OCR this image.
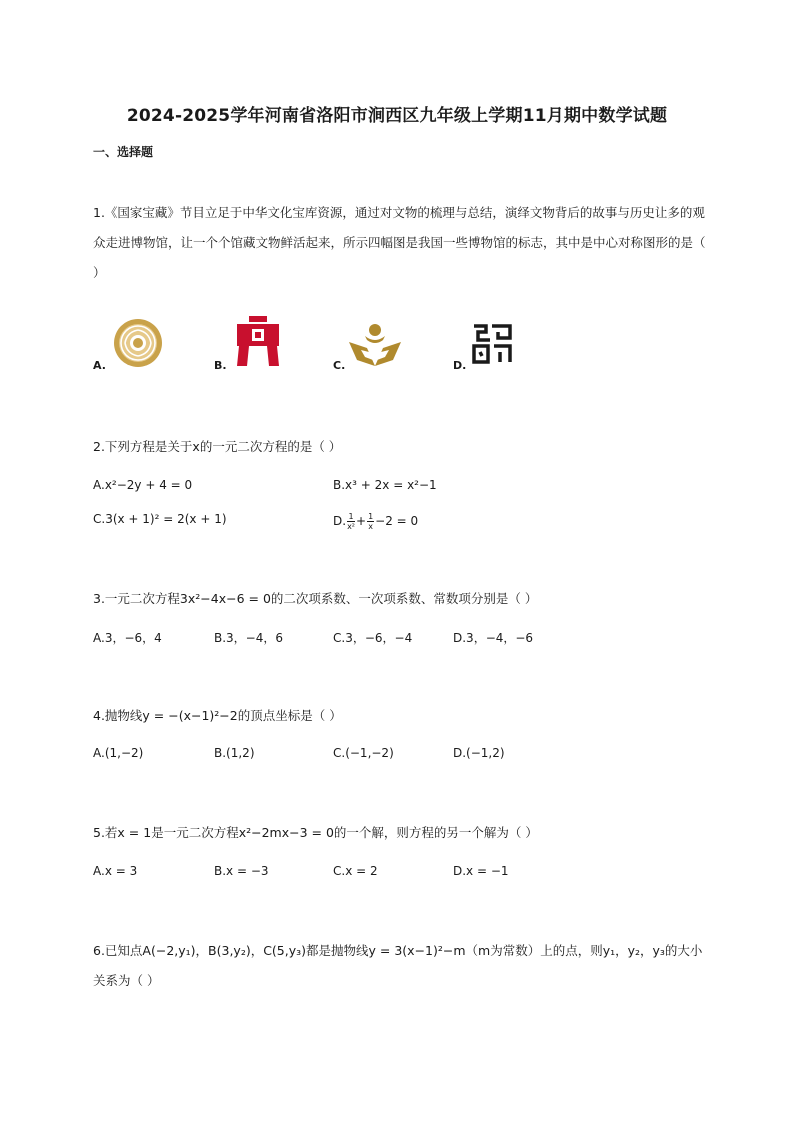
2024-2025学年河南省洛阳市涧西区九年级上学期11月期中数学试题
一、选择题
1.《国家宝藏》节目立足于中华文化宝库资源，通过对文物的梳理与总结，演绎文物背后的故事与历史让多的观众走进博物馆，让一个个馆藏文物鲜活起来，所示四幅图是我国一些博物馆的标志，其中是中心对称图形的是（ ）
A.	B.	C.	D.
2.下列方程是关于x的一元二次方程的是（ ）
A.x²−2y + 4 = 0	B.x³ + 2x = x²−1
C.3(x + 1)² = 2(x + 1)	D. $\frac{1}{\text{x²}} + \frac{1}{x} -2 = 0$
3.一元二次方程3x²−4x−6 = 0的二次项系数、一次项系数、常数项分别是（ ）
A.3，−6，4	B.3，−4，6	C.3，−6，−4	D.3，−4，−6
4.抛物线y = −(x−1)²−2的顶点坐标是（ ）
A.(1,−2)	B.(1,2)	C.(−1,−2)	D.(−1,2)
5.若x = 1是一元二次方程x²−2mx−3 = 0的一个解，则方程的另一个解为（ ）
A.x = 3	B.x = −3	C.x = 2	D.x = −1
6.已知点A(−2,y₁)，B(3,y₂)，C(5,y₃)都是抛物线y = 3(x−1)²−m（m为常数）上的点，则y₁，y₂，y₃的大小关系为（ ）
